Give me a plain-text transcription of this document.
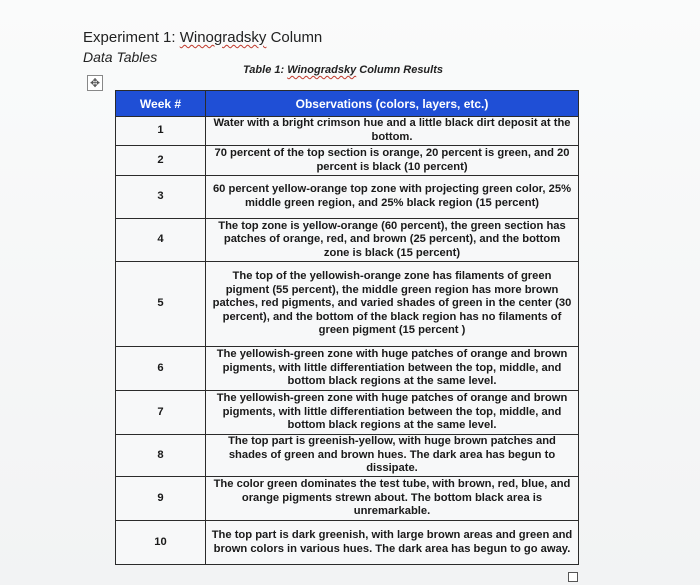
Experiment 1: Winogradsky Column
Data Tables
Table 1: Winogradsky Column Results
✥
Week #	Observations (colors, layers, etc.)
1	Water with a bright crimson hue and a little black dirt deposit at the bottom.
2	70 percent of the top section is orange, 20 percent is green, and 20 percent is black (10 percent)
3	60 percent yellow-orange top zone with projecting green color, 25% middle green region, and 25% black region (15 percent)
4	The top zone is yellow-orange (60 percent), the green section has patches of orange, red, and brown (25 percent), and the bottom zone is black (15 percent)
5	The top of the yellowish-orange zone has filaments of green pigment (55 percent), the middle green region has more brown patches, red pigments, and varied shades of green in the center (30 percent), and the bottom of the black region has no filaments of green pigment (15 percent )
6	The yellowish-green zone with huge patches of orange and brown pigments, with little differentiation between the top, middle, and bottom black regions at the same level.
7	The yellowish-green zone with huge patches of orange and brown pigments, with little differentiation between the top, middle, and bottom black regions at the same level.
8	The top part is greenish-yellow, with huge brown patches and shades of green and brown hues. The dark area has begun to dissipate.
9	The color green dominates the test tube, with brown, red, blue, and orange pigments strewn about. The bottom black area is unremarkable.
10	The top part is dark greenish, with large brown areas and green and brown colors in various hues. The dark area has begun to go away.
